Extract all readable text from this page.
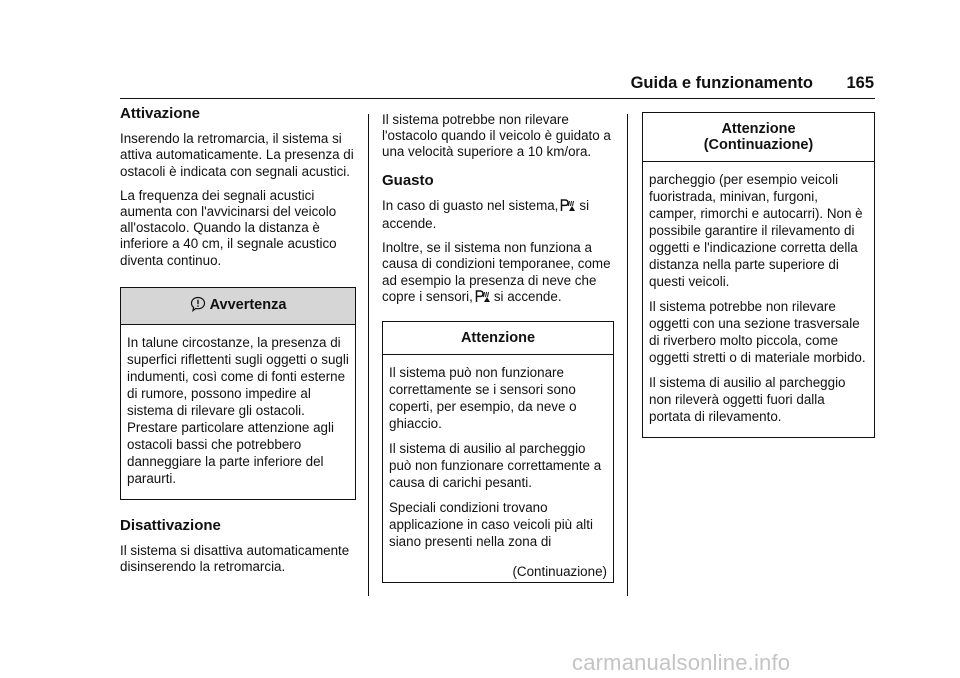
Guida e funzionamento 165
Attivazione

Inserendo la retromarcia, il sistema si attiva automaticamente. La presenza di ostacoli è indicata con segnali acustici.

La frequenza dei segnali acustici aumenta con l'avvicinarsi del veicolo all'ostacolo. Quando la distanza è inferiore a 40 cm, il segnale acustico diventa continuo.

Avvertenza

In talune circostanze, la presenza di superfici riflettenti sugli oggetti o sugli indumenti, così come di fonti esterne di rumore, possono impedire al sistema di rilevare gli ostacoli. Prestare particolare attenzione agli ostacoli bassi che potrebbero danneggiare la parte inferiore del paraurti.

Disattivazione

Il sistema si disattiva automaticamente disinserendo la retromarcia.

Il sistema potrebbe non rilevare l'ostacolo quando il veicolo è guidato a una velocità superiore a 10 km/ora.

Guasto

In caso di guasto nel sistema, si accende.

Inoltre, se il sistema non funziona a causa di condizioni temporanee, come ad esempio la presenza di neve che copre i sensori, si accende.

Attenzione

Il sistema può non funzionare correttamente se i sensori sono coperti, per esempio, da neve o ghiaccio.

Il sistema di ausilio al parcheggio può non funzionare correttamente a causa di carichi pesanti.

Speciali condizioni trovano applicazione in caso veicoli più alti siano presenti nella zona di

(Continuazione)
Attenzione
(Continuazione)

parcheggio (per esempio veicoli fuoristrada, minivan, furgoni, camper, rimorchi e autocarri). Non è possibile garantire il rilevamento di oggetti e l'indicazione corretta della distanza nella parte superiore di questi veicoli.

Il sistema potrebbe non rilevare oggetti con una sezione trasversale di riverbero molto piccola, come oggetti stretti o di materiale morbido.

Il sistema di ausilio al parcheggio non rileverà oggetti fuori dalla portata di rilevamento.

carmanualsonline.info
